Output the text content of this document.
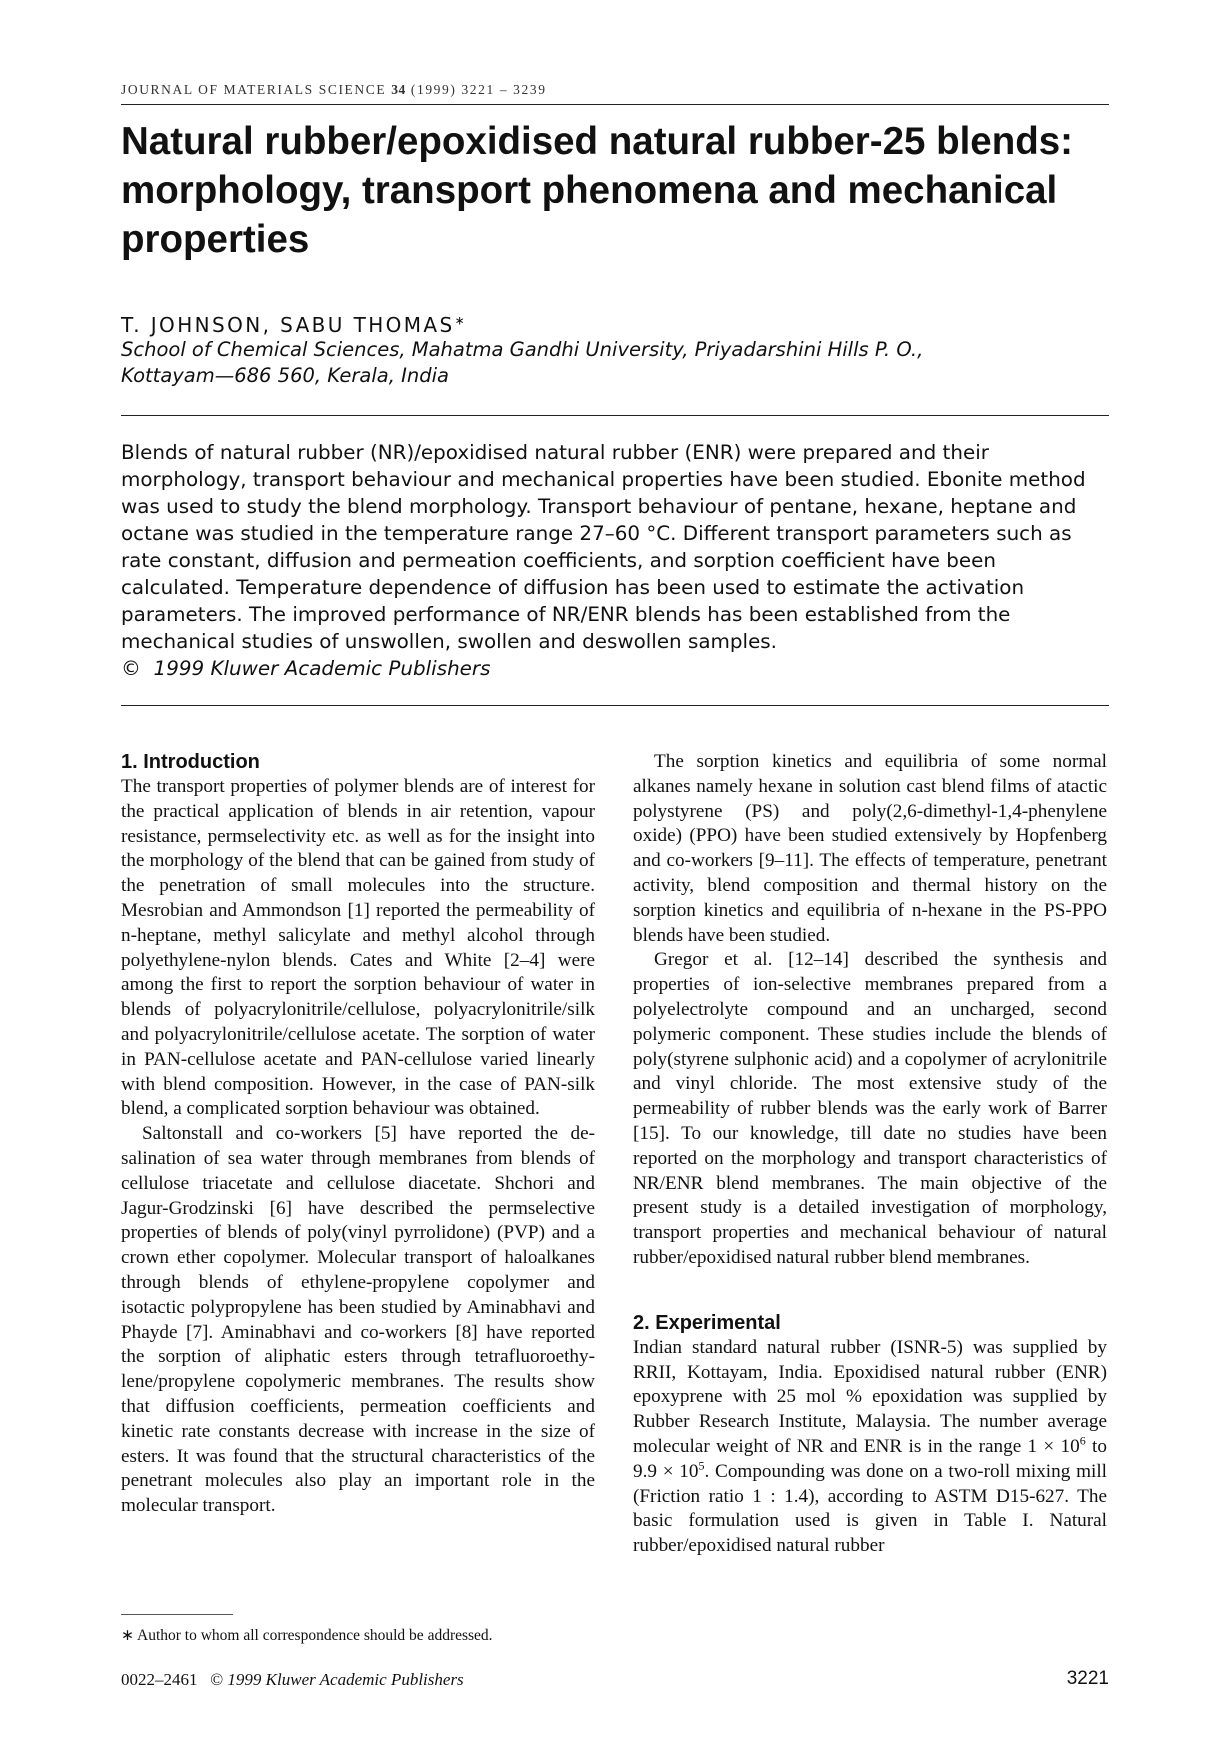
JOURNAL OF MATERIALS SCIENCE 34 (1999) 3221 – 3239
Natural rubber/epoxidised natural rubber-25 blends: morphology, transport phenomena and mechanical properties
T. JOHNSON, SABU THOMAS∗
School of Chemical Sciences, Mahatma Gandhi University, Priyadarshini Hills P. O.,
Kottayam—686 560, Kerala, India
Blends of natural rubber (NR)/epoxidised natural rubber (ENR) were prepared and their morphology, transport behaviour and mechanical properties have been studied. Ebonite method was used to study the blend morphology. Transport behaviour of pentane, hexane, heptane and octane was studied in the temperature range 27–60 °C. Different transport parameters such as rate constant, diffusion and permeation coefficients, and sorption coefficient have been calculated. Temperature dependence of diffusion has been used to estimate the activation parameters. The improved performance of NR/ENR blends has been established from the mechanical studies of unswollen, swollen and deswollen samples.
© 1999 Kluwer Academic Publishers
1. Introduction

The transport properties of polymer blends are of interest for the practical application of blends in air retention, vapour resistance, permselectivity etc. as well as for the insight into the morphology of the blend that can be gained from study of the penetration of small molecules into the structure. Mesrobian and Ammondson [1] reported the permeability of n-heptane, methyl salicylate and methyl alcohol through polyethylene-nylon blends. Cates and White [2–4] were among the first to report the sorption behaviour of water in blends of polyacrylonitrile/cellulose, polyacrylonitrile/silk and polyacrylonitrile/cellulose acetate. The sorption of water in PAN-cellulose acetate and PAN-cellulose varied linearly with blend composition. However, in the case of PAN-silk blend, a complicated sorption behaviour was obtained.

Saltonstall and co-workers [5] have reported the desalination of sea water through membranes from blends of cellulose triacetate and cellulose diacetate. Shchori and Jagur-Grodzinski [6] have described the permselective properties of blends of poly(vinyl pyrrolidone) (PVP) and a crown ether copolymer. Molecular transport of haloalkanes through blends of ethylene-propylene copolymer and isotactic polypropylene has been studied by Aminabhavi and Phayde [7]. Aminabhavi and co-workers [8] have reported the sorption of aliphatic esters through tetrafluoroethylene/propylene copolymeric membranes. The results show that diffusion coefficients, permeation coefficients and kinetic rate constants decrease with increase in the size of esters. It was found that the structural characteristics of the penetrant molecules also play an important role in the molecular transport.

The sorption kinetics and equilibria of some normal alkanes namely hexane in solution cast blend films of atactic polystyrene (PS) and poly(2,6-dimethyl-1,4-phenylene oxide) (PPO) have been studied extensively by Hopfenberg and co-workers [9–11]. The effects of temperature, penetrant activity, blend composition and thermal history on the sorption kinetics and equilibria of n-hexane in the PS-PPO blends have been studied.

Gregor et al. [12–14] described the synthesis and properties of ion-selective membranes prepared from a polyelectrolyte compound and an uncharged, second polymeric component. These studies include the blends of poly(styrene sulphonic acid) and a copolymer of acrylonitrile and vinyl chloride. The most extensive study of the permeability of rubber blends was the early work of Barrer [15]. To our knowledge, till date no studies have been reported on the morphology and transport characteristics of NR/ENR blend membranes. The main objective of the present study is a detailed investigation of morphology, transport properties and mechanical behaviour of natural rubber/epoxidised natural rubber blend membranes.

2. Experimental

Indian standard natural rubber (ISNR-5) was supplied by RRII, Kottayam, India. Epoxidised natural rubber (ENR) epoxyprene with 25 mol % epoxidation was supplied by Rubber Research Institute, Malaysia. The number average molecular weight of NR and ENR is in the range $1 \times 10^6$ to $9.9 \times 10^5$. Compounding was done on a two-roll mixing mill (Friction ratio 1 : 1.4), according to ASTM D15-627. The basic formulation used is given in Table I. Natural rubber/epoxidised natural rubber

∗ Author to whom all correspondence should be addressed.
0022–2461 © 1999 Kluwer Academic Publishers	3221
